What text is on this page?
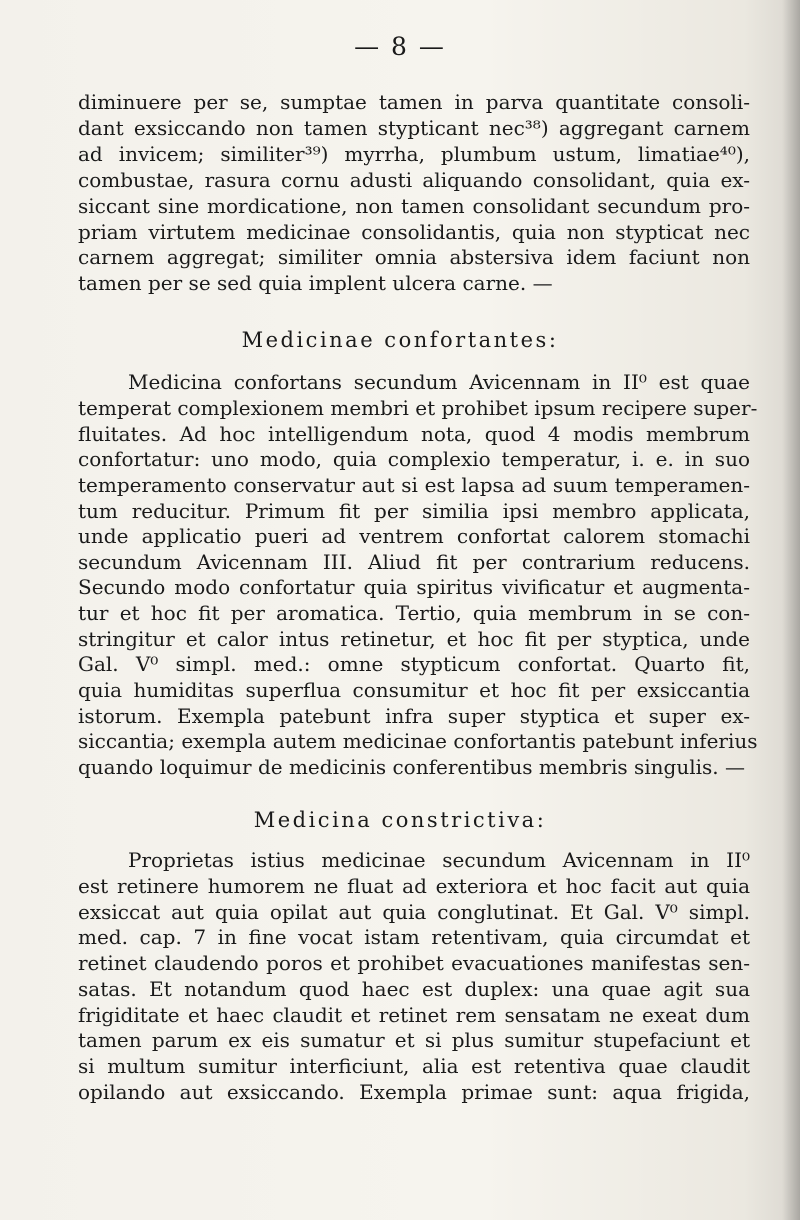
— 8 —
diminuere per se, sumptae tamen in parva quantitate consoli-
dant exsiccando non tamen stypticant nec³⁸) aggregant carnem
ad invicem; similiter³⁹) myrrha, plumbum ustum, limatiae⁴⁰),
combustae, rasura cornu adusti aliquando consolidant, quia ex-
siccant sine mordicatione, non tamen consolidant secundum pro-
priam virtutem medicinae consolidantis, quia non stypticat nec
carnem aggregat; similiter omnia abstersiva idem faciunt non
tamen per se sed quia implent ulcera carne. —
Medicinae confortantes:
Medicina confortans secundum Avicennam in II⁰ est quae
temperat complexionem membri et prohibet ipsum recipere super-
fluitates. Ad hoc intelligendum nota, quod 4 modis membrum
confortatur: uno modo, quia complexio temperatur, i. e. in suo
temperamento conservatur aut si est lapsa ad suum temperamen-
tum reducitur. Primum fit per similia ipsi membro applicata,
unde applicatio pueri ad ventrem confortat calorem stomachi
secundum Avicennam III. Aliud fit per contrarium reducens.
Secundo modo confortatur quia spiritus vivificatur et augmenta-
tur et hoc fit per aromatica. Tertio, quia membrum in se con-
stringitur et calor intus retinetur, et hoc fit per styptica, unde
Gal. V⁰ simpl. med.: omne stypticum confortat. Quarto fit,
quia humiditas superflua consumitur et hoc fit per exsiccantia
istorum. Exempla patebunt infra super styptica et super ex-
siccantia; exempla autem medicinae confortantis patebunt inferius
quando loquimur de medicinis conferentibus membris singulis. —
Medicina constrictiva:
Proprietas istius medicinae secundum Avicennam in II⁰
est retinere humorem ne fluat ad exteriora et hoc facit aut quia
exsiccat aut quia opilat aut quia conglutinat. Et Gal. V⁰ simpl.
med. cap. 7 in fine vocat istam retentivam, quia circumdat et
retinet claudendo poros et prohibet evacuationes manifestas sen-
satas. Et notandum quod haec est duplex: una quae agit sua
frigiditate et haec claudit et retinet rem sensatam ne exeat dum
tamen parum ex eis sumatur et si plus sumitur stupefaciunt et
si multum sumitur interficiunt, alia est retentiva quae claudit
opilando aut exsiccando. Exempla primae sunt: aqua frigida,
